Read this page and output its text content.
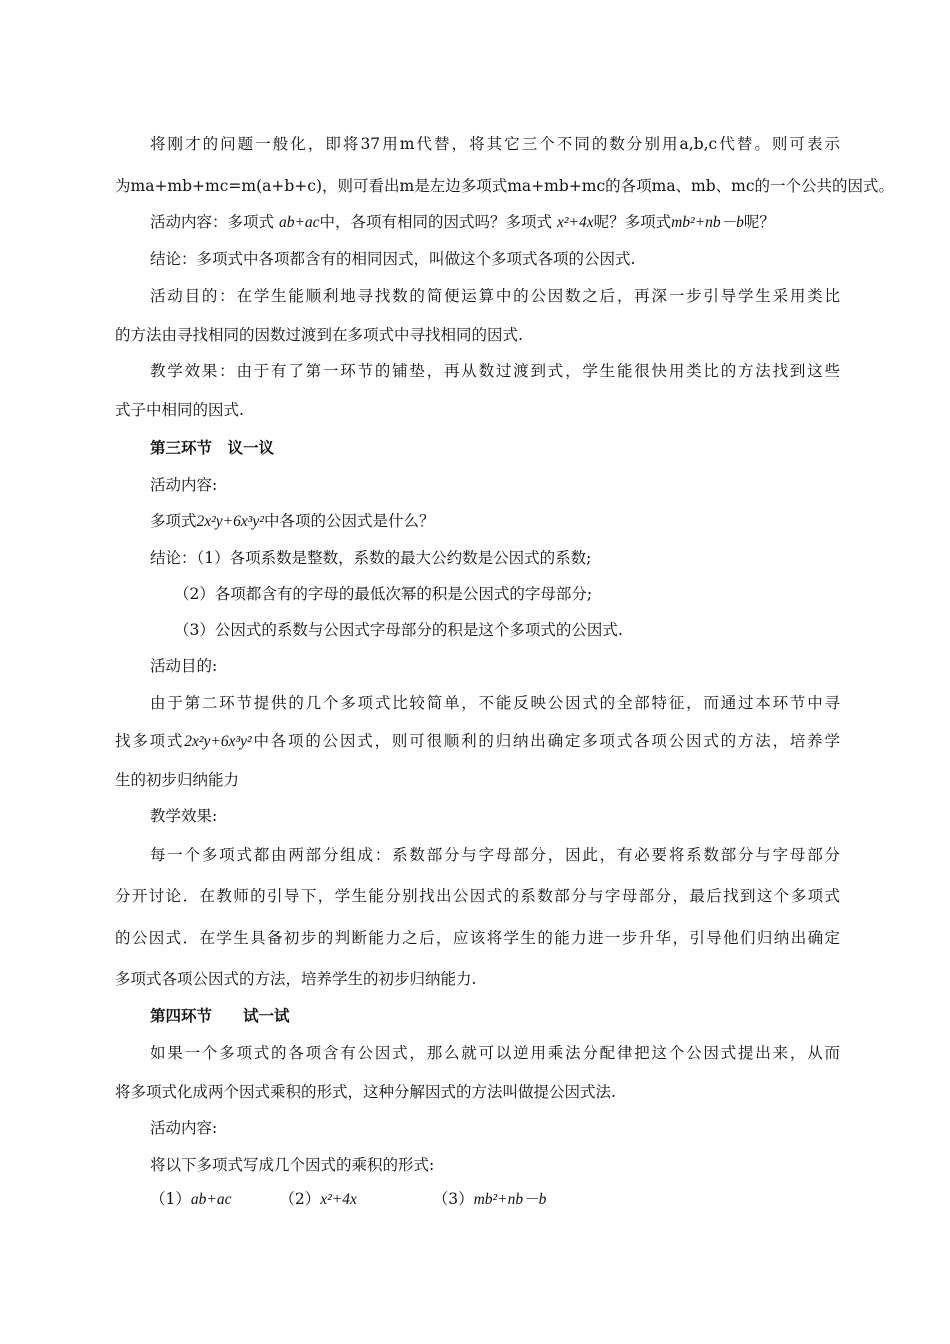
将刚才的问题一般化，即将37用m代替，将其它三个不同的数分别用a,b,c代替。则可表示
为ma+mb+mc=m(a+b+c)，则可看出m是左边多项式ma+mb+mc的各项ma、mb、mc的一个公共的因式。
活动内容：多项式 ab+ac中，各项有相同的因式吗？多项式 x²+4x呢？多项式mb²+nb－b呢？
结论：多项式中各项都含有的相同因式，叫做这个多项式各项的公因式.
活动目的：在学生能顺利地寻找数的简便运算中的公因数之后，再深一步引导学生采用类比
的方法由寻找相同的因数过渡到在多项式中寻找相同的因式.
教学效果：由于有了第一环节的铺垫，再从数过渡到式，学生能很快用类比的方法找到这些
式子中相同的因式.
第三环节　议一议
活动内容:
多项式2x²y+6x³y²中各项的公因式是什么？
结论：（1）各项系数是整数，系数的最大公约数是公因式的系数;
（2）各项都含有的字母的最低次幂的积是公因式的字母部分;
（3）公因式的系数与公因式字母部分的积是这个多项式的公因式.
活动目的:
由于第二环节提供的几个多项式比较简单，不能反映公因式的全部特征，而通过本环节中寻
找多项式2x²y+6x³y²中各项的公因式，则可很顺利的归纳出确定多项式各项公因式的方法，培养学
生的初步归纳能力
教学效果:
每一个多项式都由两部分组成：系数部分与字母部分，因此，有必要将系数部分与字母部分
分开讨论．在教师的引导下，学生能分别找出公因式的系数部分与字母部分，最后找到这个多项式
的公因式．在学生具备初步的判断能力之后，应该将学生的能力进一步升华，引导他们归纳出确定
多项式各项公因式的方法，培养学生的初步归纳能力.
第四环节　　试一试
如果一个多项式的各项含有公因式，那么就可以逆用乘法分配律把这个公因式提出来，从而
将多项式化成两个因式乘积的形式，这种分解因式的方法叫做提公因式法.
活动内容:
将以下多项式写成几个因式的乘积的形式:
（1）ab+ac	（2）x²+4x	（3）mb²+nb－b
